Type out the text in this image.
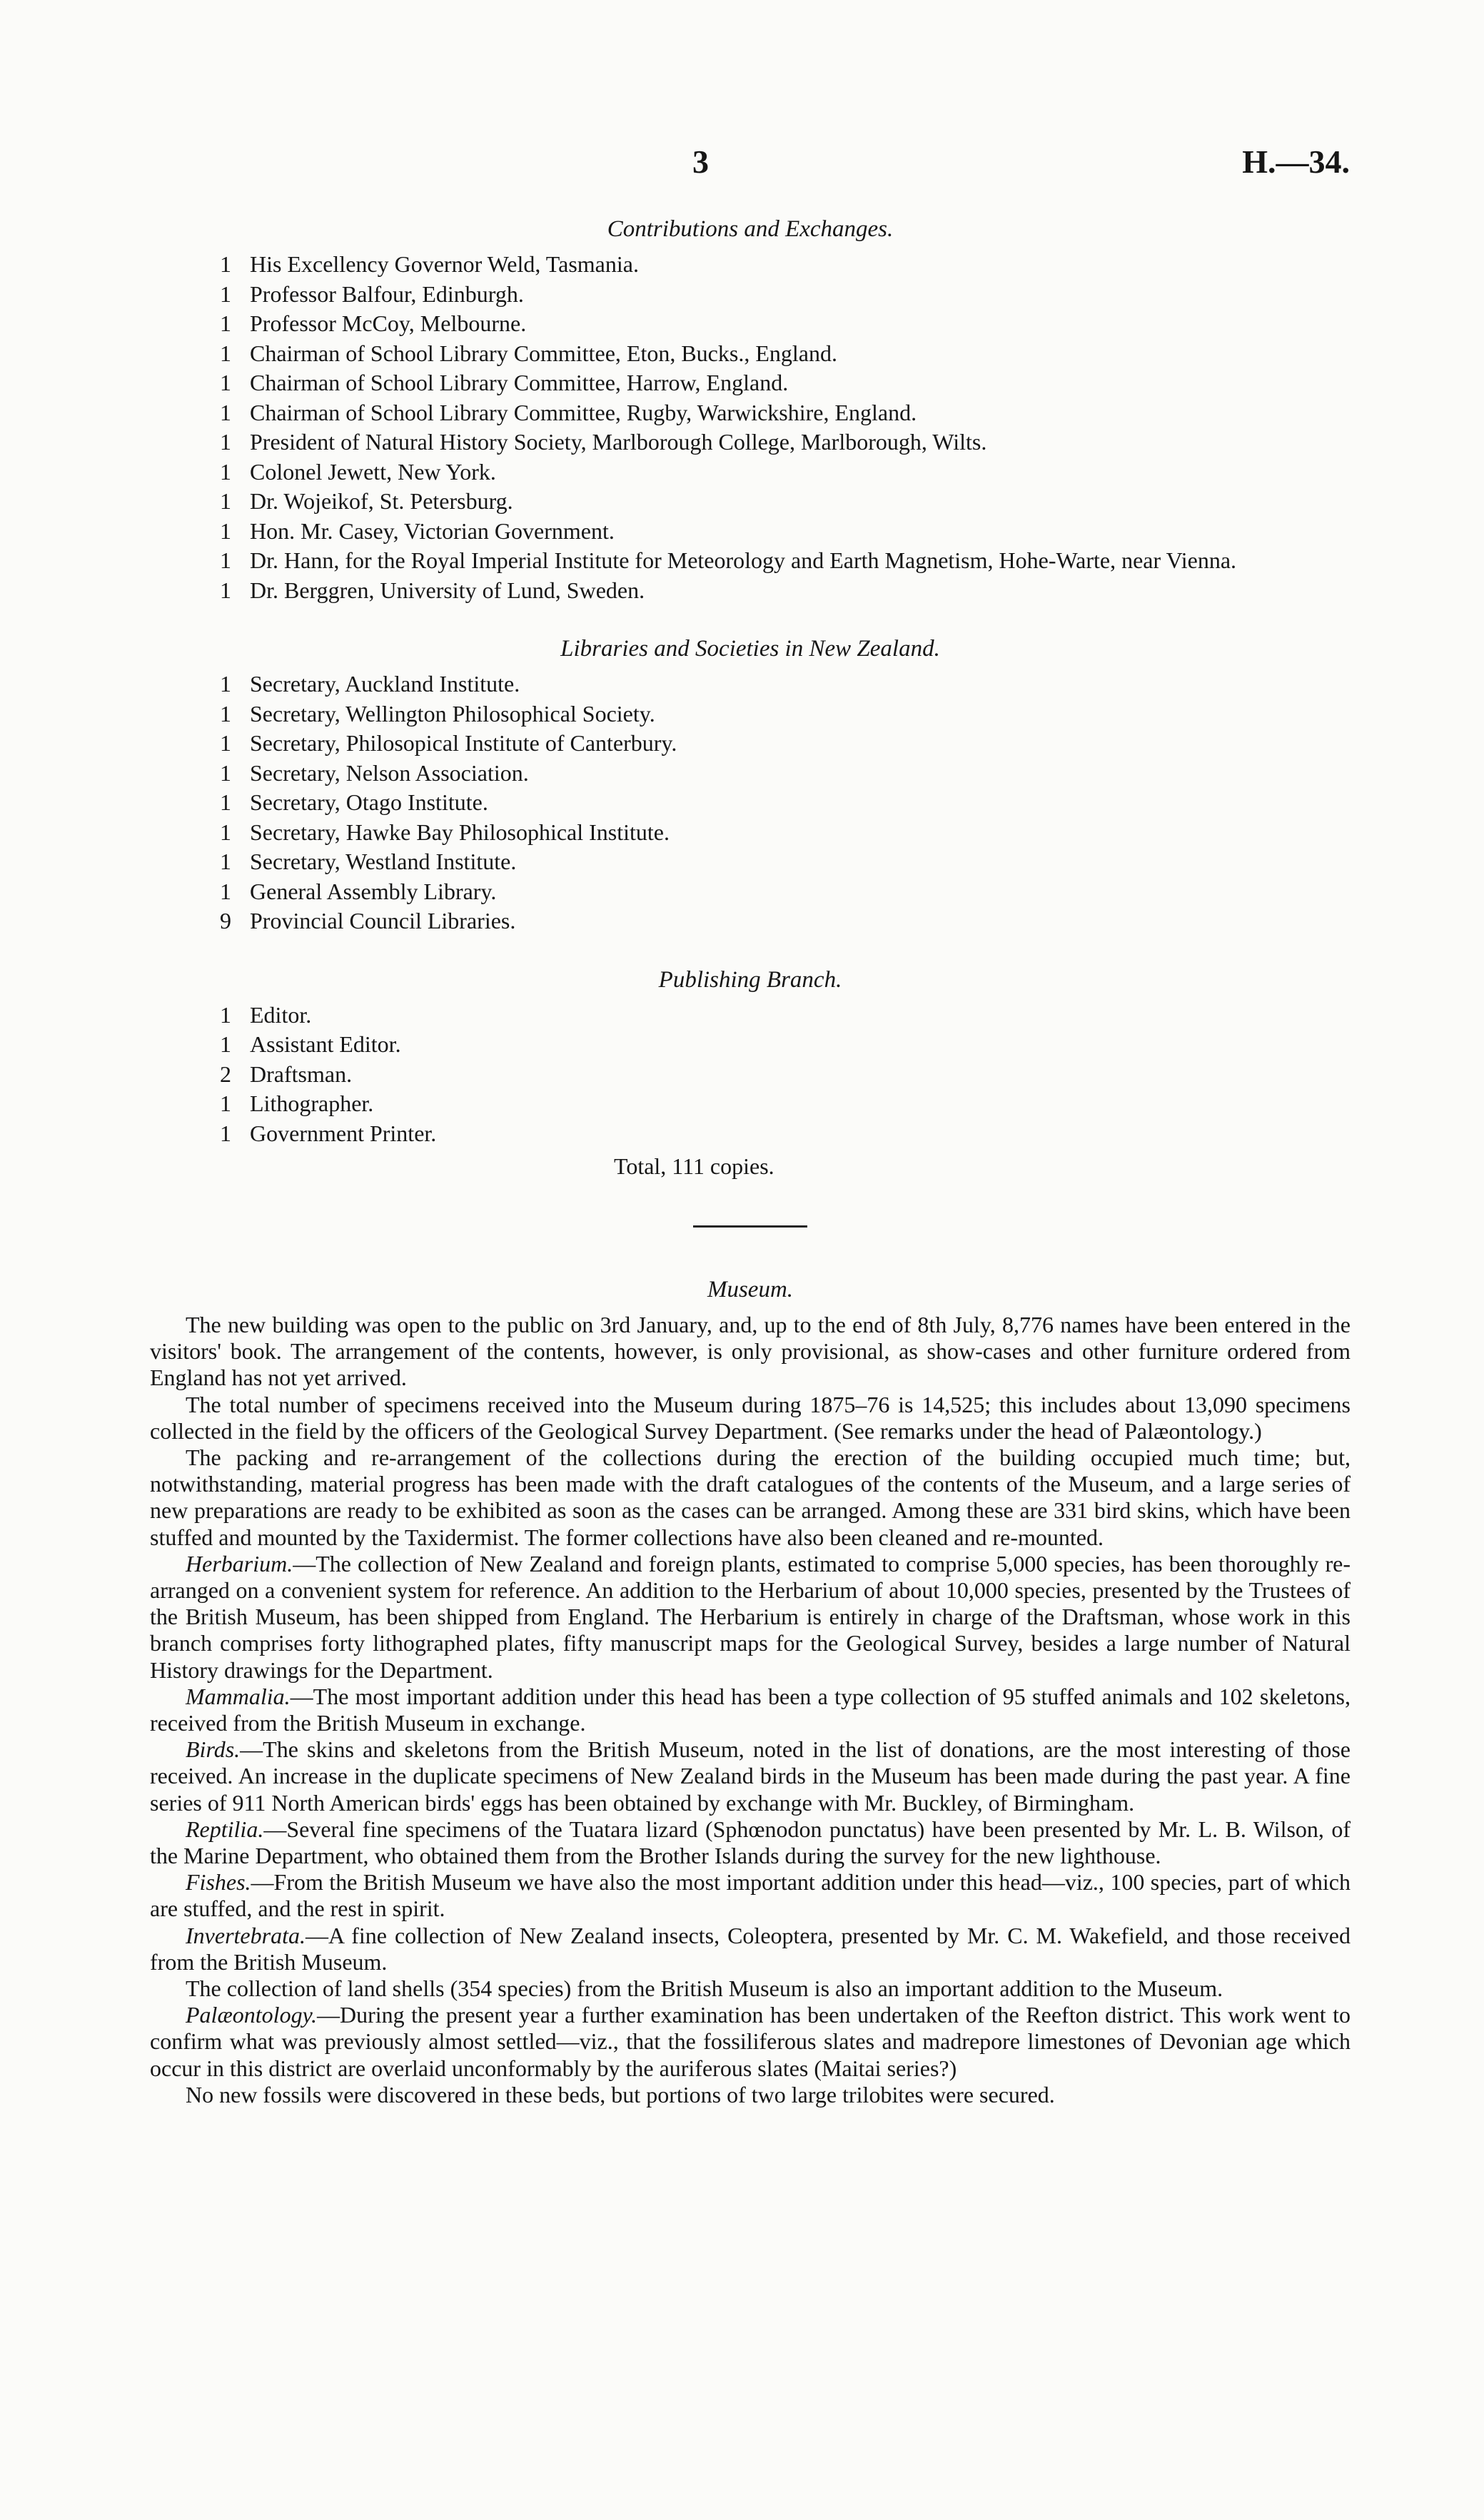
3	H.—34.
Contributions and Exchanges.
1 His Excellency Governor Weld, Tasmania.
1 Professor Balfour, Edinburgh.
1 Professor McCoy, Melbourne.
1 Chairman of School Library Committee, Eton, Bucks., England.
1 Chairman of School Library Committee, Harrow, England.
1 Chairman of School Library Committee, Rugby, Warwickshire, England.
1 President of Natural History Society, Marlborough College, Marlborough, Wilts.
1 Colonel Jewett, New York.
1 Dr. Wojeikof, St. Petersburg.
1 Hon. Mr. Casey, Victorian Government.
1 Dr. Hann, for the Royal Imperial Institute for Meteorology and Earth Magnetism, Hohe-Warte, near Vienna.
1 Dr. Berggren, University of Lund, Sweden.
Libraries and Societies in New Zealand.
1 Secretary, Auckland Institute.
1 Secretary, Wellington Philosophical Society.
1 Secretary, Philosopical Institute of Canterbury.
1 Secretary, Nelson Association.
1 Secretary, Otago Institute.
1 Secretary, Hawke Bay Philosophical Institute.
1 Secretary, Westland Institute.
1 General Assembly Library.
9 Provincial Council Libraries.
Publishing Branch.
1 Editor.
1 Assistant Editor.
2 Draftsman.
1 Lithographer.
1 Government Printer.
Total, 111 copies.
Museum.

The new building was open to the public on 3rd January, and, up to the end of 8th July, 8,776 names have been entered in the visitors' book. The arrangement of the contents, however, is only provisional, as show-cases and other furniture ordered from England has not yet arrived.

The total number of specimens received into the Museum during 1875–76 is 14,525; this includes about 13,090 specimens collected in the field by the officers of the Geological Survey Department. (See remarks under the head of Palæontology.)

The packing and re-arrangement of the collections during the erection of the building occupied much time; but, notwithstanding, material progress has been made with the draft catalogues of the contents of the Museum, and a large series of new preparations are ready to be exhibited as soon as the cases can be arranged. Among these are 331 bird skins, which have been stuffed and mounted by the Taxidermist. The former collections have also been cleaned and re-mounted.

Herbarium.—The collection of New Zealand and foreign plants, estimated to comprise 5,000 species, has been thoroughly re-arranged on a convenient system for reference. An addition to the Herbarium of about 10,000 species, presented by the Trustees of the British Museum, has been shipped from England. The Herbarium is entirely in charge of the Draftsman, whose work in this branch comprises forty lithographed plates, fifty manuscript maps for the Geological Survey, besides a large number of Natural History drawings for the Department.

Mammalia.—The most important addition under this head has been a type collection of 95 stuffed animals and 102 skeletons, received from the British Museum in exchange.

Birds.—The skins and skeletons from the British Museum, noted in the list of donations, are the most interesting of those received. An increase in the duplicate specimens of New Zealand birds in the Museum has been made during the past year. A fine series of 911 North American birds' eggs has been obtained by exchange with Mr. Buckley, of Birmingham.

Reptilia.—Several fine specimens of the Tuatara lizard (Sphœnodon punctatus) have been presented by Mr. L. B. Wilson, of the Marine Department, who obtained them from the Brother Islands during the survey for the new lighthouse.

Fishes.—From the British Museum we have also the most important addition under this head—viz., 100 species, part of which are stuffed, and the rest in spirit.

Invertebrata.—A fine collection of New Zealand insects, Coleoptera, presented by Mr. C. M. Wakefield, and those received from the British Museum.

The collection of land shells (354 species) from the British Museum is also an important addition to the Museum.

Palæontology.—During the present year a further examination has been undertaken of the Reefton district. This work went to confirm what was previously almost settled—viz., that the fossiliferous slates and madrepore limestones of Devonian age which occur in this district are overlaid unconformably by the auriferous slates (Maitai series?)

No new fossils were discovered in these beds, but portions of two large trilobites were secured.
